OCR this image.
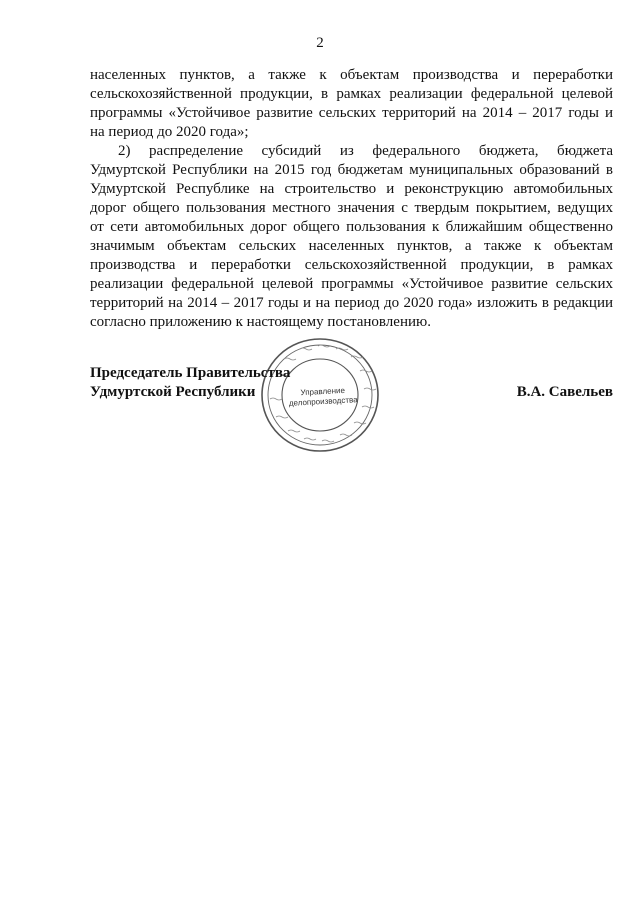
2
населенных пунктов, а также к объектам производства и переработки
сельскохозяйственной продукции, в рамках реализации федеральной целевой
программы «Устойчивое развитие сельских территорий на 2014 – 2017 годы и
на период до 2020 года»;
2) распределение субсидий из федерального бюджета, бюджета
Удмуртской Республики на 2015 год бюджетам муниципальных образований в
Удмуртской Республике на строительство и реконструкцию автомобильных
дорог общего пользования местного значения с твердым покрытием, ведущих
от сети автомобильных дорог общего пользования к ближайшим общественно
значимым объектам сельских населенных пунктов, а также к объектам
производства и переработки сельскохозяйственной продукции, в рамках
реализации федеральной целевой программы «Устойчивое развитие сельских
территорий на 2014 – 2017 годы и на период до 2020 года» изложить в редакции
согласно приложению к настоящему постановлению.
Управление
делопроизводства
Председатель Правительства
Удмуртской Республики	В.А. Савельев
